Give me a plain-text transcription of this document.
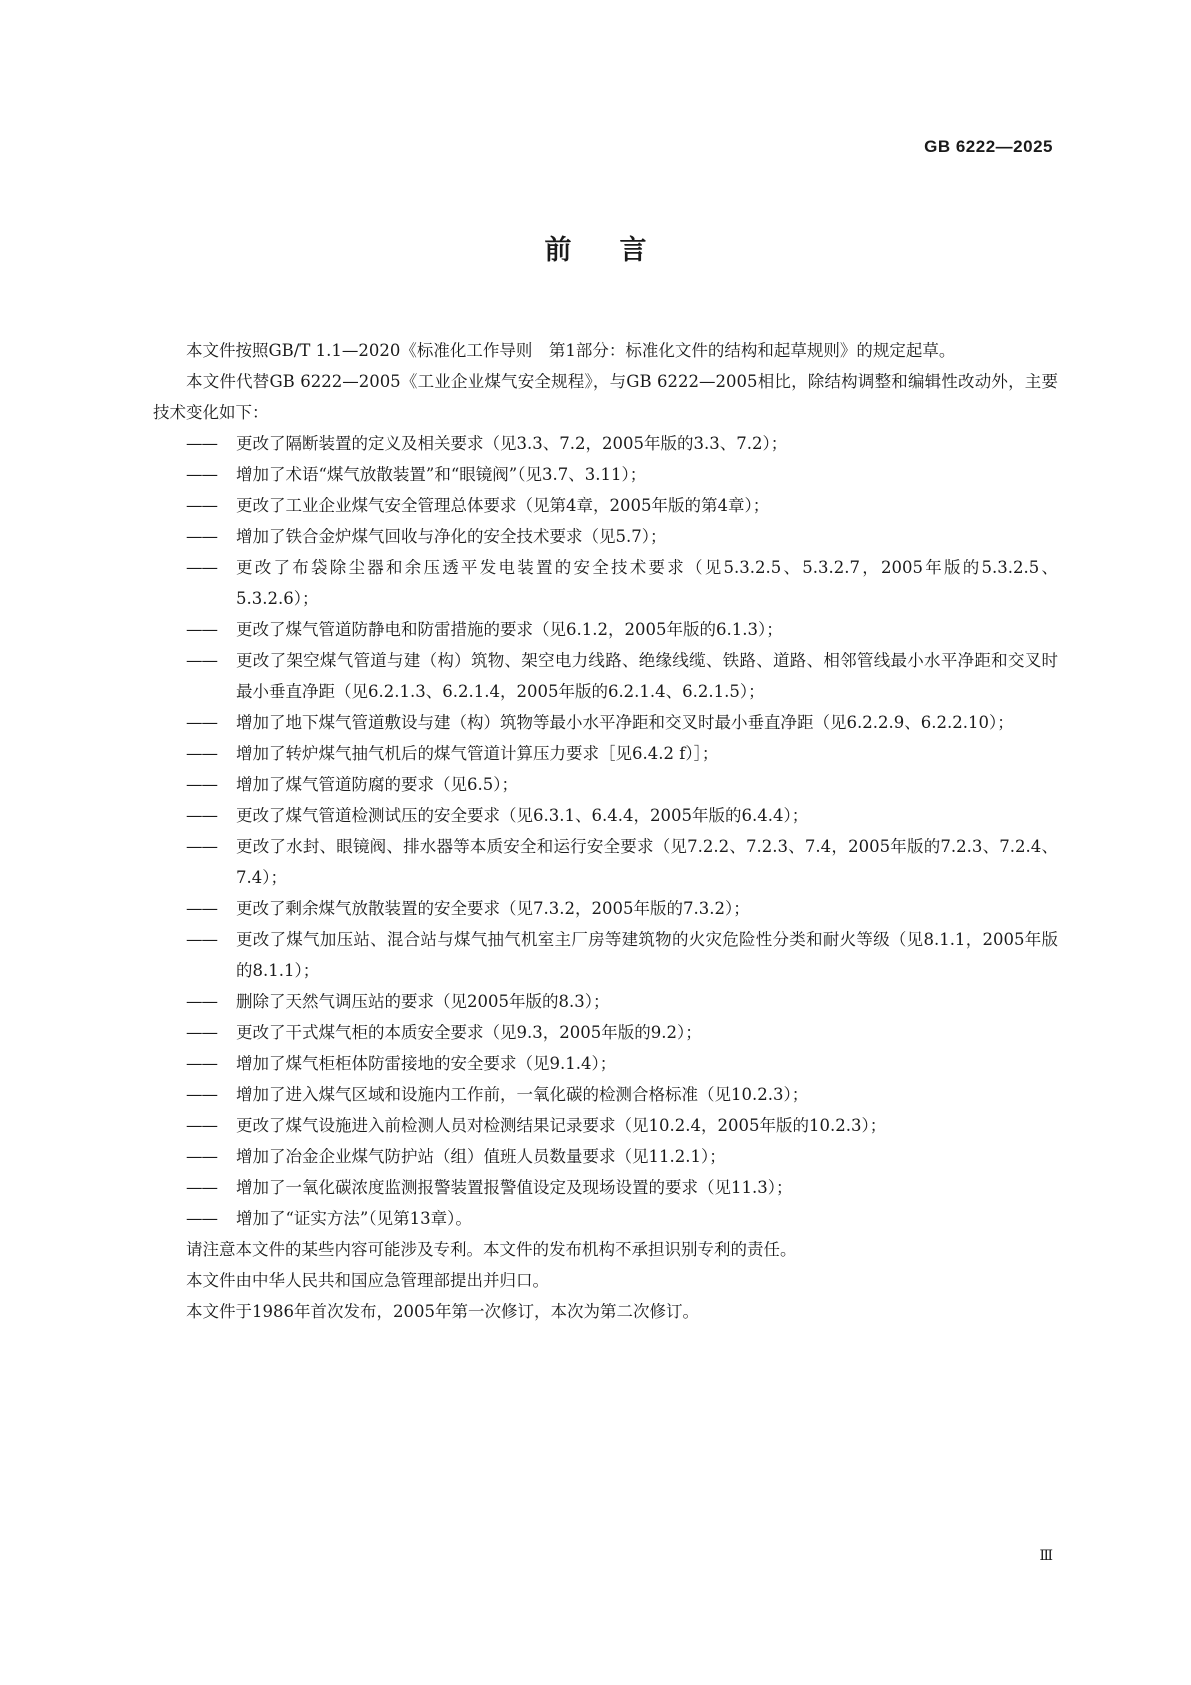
GB 6222—2025

前言

本文件按照GB/T 1.1—2020《标准化工作导则　第1部分：标准化文件的结构和起草规则》的规定起草。

本文件代替GB 6222—2005《工业企业煤气安全规程》，与GB 6222—2005相比，除结构调整和编辑性改动外，主要技术变化如下：

——	更改了隔断装置的定义及相关要求（见3.3、7.2，2005年版的3.3、7.2）；
——	增加了术语“煤气放散装置”和“眼镜阀”（见3.7、3.11）；
——	更改了工业企业煤气安全管理总体要求（见第4章，2005年版的第4章）；
——	增加了铁合金炉煤气回收与净化的安全技术要求（见5.7）；
——	更改了布袋除尘器和余压透平发电装置的安全技术要求（见5.3.2.5、5.3.2.7，2005年版的5.3.2.5、5.3.2.6）；
——	更改了煤气管道防静电和防雷措施的要求（见6.1.2，2005年版的6.1.3）；
——	更改了架空煤气管道与建（构）筑物、架空电力线路、绝缘线缆、铁路、道路、相邻管线最小水平净距和交叉时最小垂直净距（见6.2.1.3、6.2.1.4，2005年版的6.2.1.4、6.2.1.5）；
——	增加了地下煤气管道敷设与建（构）筑物等最小水平净距和交叉时最小垂直净距（见6.2.2.9、6.2.2.10）；
——	增加了转炉煤气抽气机后的煤气管道计算压力要求［见6.4.2 f）］；
——	增加了煤气管道防腐的要求（见6.5）；
——	更改了煤气管道检测试压的安全要求（见6.3.1、6.4.4，2005年版的6.4.4）；
——	更改了水封、眼镜阀、排水器等本质安全和运行安全要求（见7.2.2、7.2.3、7.4，2005年版的7.2.3、7.2.4、7.4）；
——	更改了剩余煤气放散装置的安全要求（见7.3.2，2005年版的7.3.2）；
——	更改了煤气加压站、混合站与煤气抽气机室主厂房等建筑物的火灾危险性分类和耐火等级（见8.1.1，2005年版的8.1.1）；
——	删除了天然气调压站的要求（见2005年版的8.3）；
——	更改了干式煤气柜的本质安全要求（见9.3，2005年版的9.2）；
——	增加了煤气柜柜体防雷接地的安全要求（见9.1.4）；
——	增加了进入煤气区域和设施内工作前，一氧化碳的检测合格标准（见10.2.3）；
——	更改了煤气设施进入前检测人员对检测结果记录要求（见10.2.4，2005年版的10.2.3）；
——	增加了冶金企业煤气防护站（组）值班人员数量要求（见11.2.1）；
——	增加了一氧化碳浓度监测报警装置报警值设定及现场设置的要求（见11.3）；
——	增加了“证实方法”（见第13章）。

请注意本文件的某些内容可能涉及专利。本文件的发布机构不承担识别专利的责任。

本文件由中华人民共和国应急管理部提出并归口。

本文件于1986年首次发布，2005年第一次修订，本次为第二次修订。

Ⅲ
